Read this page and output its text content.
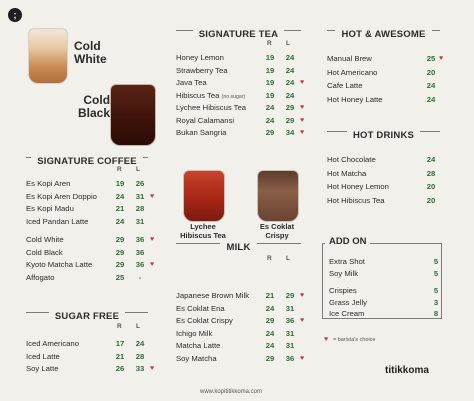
;
Cold
White
Cold
Black
SIGNATURE COFFEE
R L
Es Kopi Aren	19	26
Es Kopi Aren Doppio	24	31 ♥
Es Kopi Madu	21	28
Iced Pandan Latte	24	31
Cold White	29	36 ♥
Cold Black	29	36
Kyoto Matcha Latte	29	36 ♥
Affogato	25	-
SUGAR FREE
R L
Iced Americano	17	24
Iced Latte	21	28
Soy Latte	26	33 ♥
SIGNATURE TEA
R L
Honey Lemon	19	24
Strawberry Tea	19	24
Java Tea	19	24 ♥
Hibiscus Tea (no sugar)	19	24
Lychee Hibiscus Tea	24	29 ♥
Royal Calamansi	24	29 ♥
Bukan Sangria	29	34 ♥
Lychee
Hibiscus Tea
Es Coklat
Crispy
MILK
R L
Japanese Brown Milk	21	29 ♥
Es Coklat Ena	24	31
Es Coklat Crispy	29	36 ♥
Ichigo Milk	24	31
Matcha Latte	24	31
Soy Matcha	29	36 ♥
HOT & AWESOME
Manual Brew	25 ♥
Hot Americano	20
Cafe Latte	24
Hot Honey Latte	24
HOT DRINKS
Hot Chocolate	24
Hot Matcha	28
Hot Honey Lemon	20
Hot Hibiscus Tea	20
Extra Shot	5
Soy Milk	5
Crispies	5
Grass Jelly	3
Ice Cream	8
ADD ON
♥ = barista's choice
titikkoma
www.kopititikkoma.com
